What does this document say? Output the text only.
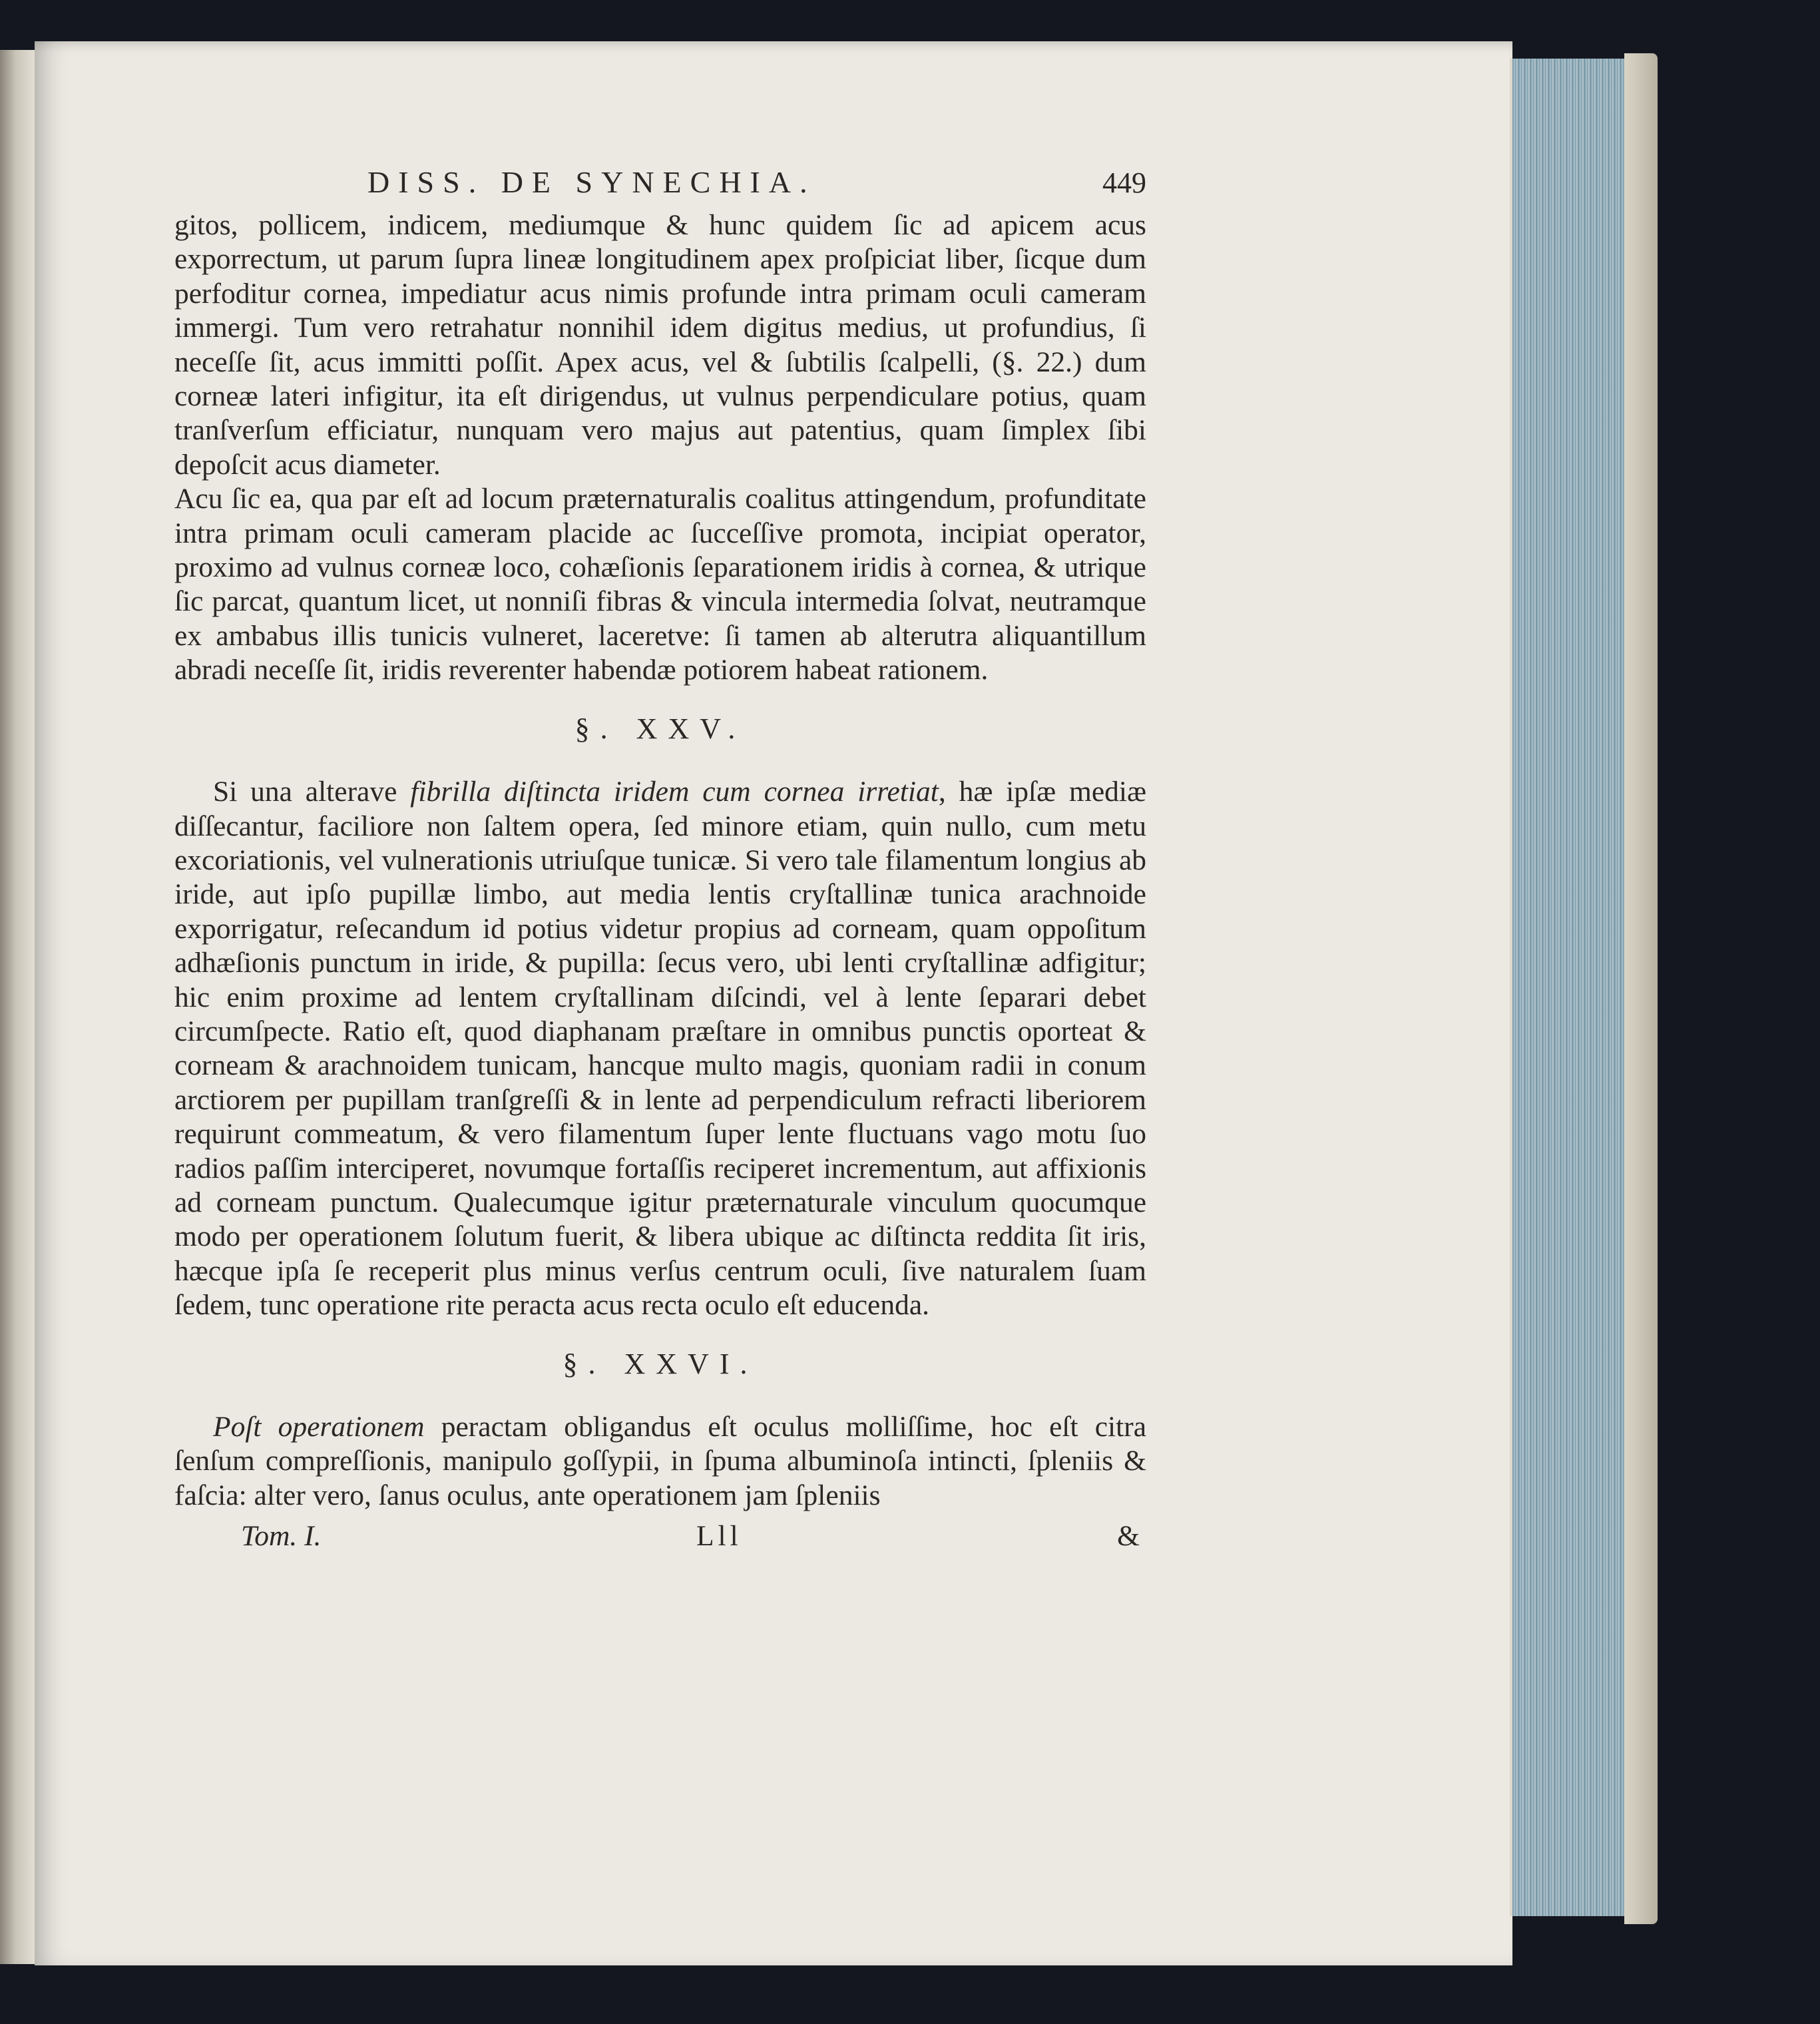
DISS. DE SYNECHIA.	449

gitos, pollicem, indicem, mediumque & hunc quidem ſic ad apicem acus exporrectum, ut parum ſupra lineæ longitudinem apex proſpiciat liber, ſicque dum perfoditur cornea, impediatur acus nimis profunde intra primam oculi cameram immergi. Tum vero retrahatur nonnihil idem digitus medius, ut profundius, ſi neceſſe ſit, acus immitti poſſit. Apex acus, vel & ſubtilis ſcalpelli, (§. 22.) dum corneæ lateri infigitur, ita eſt dirigendus, ut vulnus perpendiculare potius, quam tranſverſum efficiatur, nunquam vero majus aut patentius, quam ſimplex ſibi depoſcit acus diameter.

Acu ſic ea, qua par eſt ad locum præternaturalis coalitus attingendum, profunditate intra primam oculi cameram placide ac ſucceſſive promota, incipiat operator, proximo ad vulnus corneæ loco, cohæſionis ſeparationem iridis à cornea, & utrique ſic parcat, quantum licet, ut nonniſi fibras & vincula intermedia ſolvat, neutramque ex ambabus illis tunicis vulneret, laceretve: ſi tamen ab alterutra aliquantillum abradi neceſſe ſit, iridis reverenter habendæ potiorem habeat rationem.

§. XXV.

Si una alterave fibrilla diſtincta iridem cum cornea irretiat, hæ ipſæ mediæ diſſecantur, faciliore non ſaltem opera, ſed minore etiam, quin nullo, cum metu excoriationis, vel vulnerationis utriuſque tunicæ. Si vero tale filamentum longius ab iride, aut ipſo pupillæ limbo, aut media lentis cryſtallinæ tunica arachnoide exporrigatur, reſecandum id potius videtur propius ad corneam, quam oppoſitum adhæſionis punctum in iride, & pupilla: ſecus vero, ubi lenti cryſtallinæ adfigitur; hic enim proxime ad lentem cryſtallinam diſcindi, vel à lente ſeparari debet circumſpecte. Ratio eſt, quod diaphanam præſtare in omnibus punctis oporteat & corneam & arachnoidem tunicam, hancque multo magis, quoniam radii in conum arctiorem per pupillam tranſgreſſi & in lente ad perpendiculum refracti liberiorem requirunt commeatum, & vero filamentum ſuper lente fluctuans vago motu ſuo radios paſſim interciperet, novumque fortaſſis reciperet incrementum, aut affixionis ad corneam punctum. Qualecumque igitur præternaturale vinculum quocumque modo per operationem ſolutum fuerit, & libera ubique ac diſtincta reddita ſit iris, hæcque ipſa ſe receperit plus minus verſus centrum oculi, ſive naturalem ſuam ſedem, tunc operatione rite peracta acus recta oculo eſt educenda.

§. XXVI.

Poſt operationem peractam obligandus eſt oculus molliſſime, hoc eſt citra ſenſum compreſſionis, manipulo goſſypii, in ſpuma albuminoſa intincti, ſpleniis & faſcia: alter vero, ſanus oculus, ante operationem jam ſpleniis

Tom. I.	Lll	&
